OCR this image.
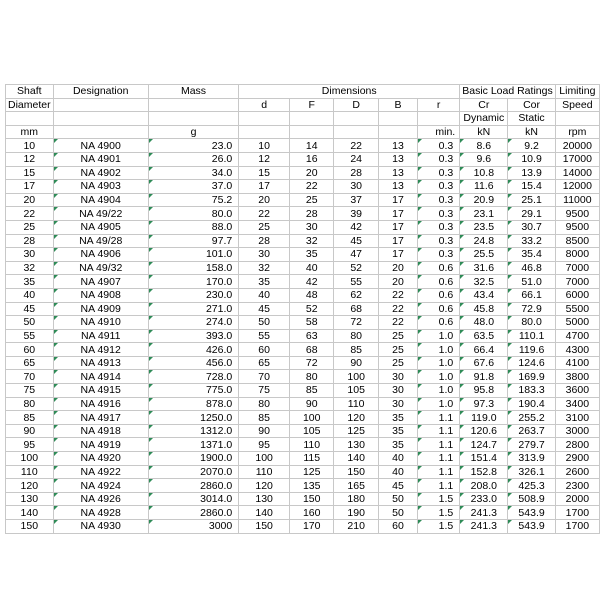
Shaft	Designation	Mass	Dimensions					Basic Load Ratings		Limiting
Diameter			d	F	D	B	r	Cr	Cor	Speed
								Dynamic	Static	
mm		g					min.	kN	kN	rpm
10	NA 4900	23.0	10	14	22	13	0.3	8.6	9.2	20000
12	NA 4901	26.0	12	16	24	13	0.3	9.6	10.9	17000
15	NA 4902	34.0	15	20	28	13	0.3	10.8	13.9	14000
17	NA 4903	37.0	17	22	30	13	0.3	11.6	15.4	12000
20	NA 4904	75.2	20	25	37	17	0.3	20.9	25.1	11000
22	NA 49/22	80.0	22	28	39	17	0.3	23.1	29.1	9500
25	NA 4905	88.0	25	30	42	17	0.3	23.5	30.7	9500
28	NA 49/28	97.7	28	32	45	17	0.3	24.8	33.2	8500
30	NA 4906	101.0	30	35	47	17	0.3	25.5	35.4	8000
32	NA 49/32	158.0	32	40	52	20	0.6	31.6	46.8	7000
35	NA 4907	170.0	35	42	55	20	0.6	32.5	51.0	7000
40	NA 4908	230.0	40	48	62	22	0.6	43.4	66.1	6000
45	NA 4909	271.0	45	52	68	22	0.6	45.8	72.9	5500
50	NA 4910	274.0	50	58	72	22	0.6	48.0	80.0	5000
55	NA 4911	393.0	55	63	80	25	1.0	63.5	110.1	4700
60	NA 4912	426.0	60	68	85	25	1.0	66.4	119.6	4300
65	NA 4913	456.0	65	72	90	25	1.0	67.6	124.6	4100
70	NA 4914	728.0	70	80	100	30	1.0	91.8	169.9	3800
75	NA 4915	775.0	75	85	105	30	1.0	95.8	183.3	3600
80	NA 4916	878.0	80	90	110	30	1.0	97.3	190.4	3400
85	NA 4917	1250.0	85	100	120	35	1.1	119.0	255.2	3100
90	NA 4918	1312.0	90	105	125	35	1.1	120.6	263.7	3000
95	NA 4919	1371.0	95	110	130	35	1.1	124.7	279.7	2800
100	NA 4920	1900.0	100	115	140	40	1.1	151.4	313.9	2900
110	NA 4922	2070.0	110	125	150	40	1.1	152.8	326.1	2600
120	NA 4924	2860.0	120	135	165	45	1.1	208.0	425.3	2300
130	NA 4926	3014.0	130	150	180	50	1.5	233.0	508.9	2000
140	NA 4928	2860.0	140	160	190	50	1.5	241.3	543.9	1700
150	NA 4930	3000	150	170	210	60	1.5	241.3	543.9	1700
